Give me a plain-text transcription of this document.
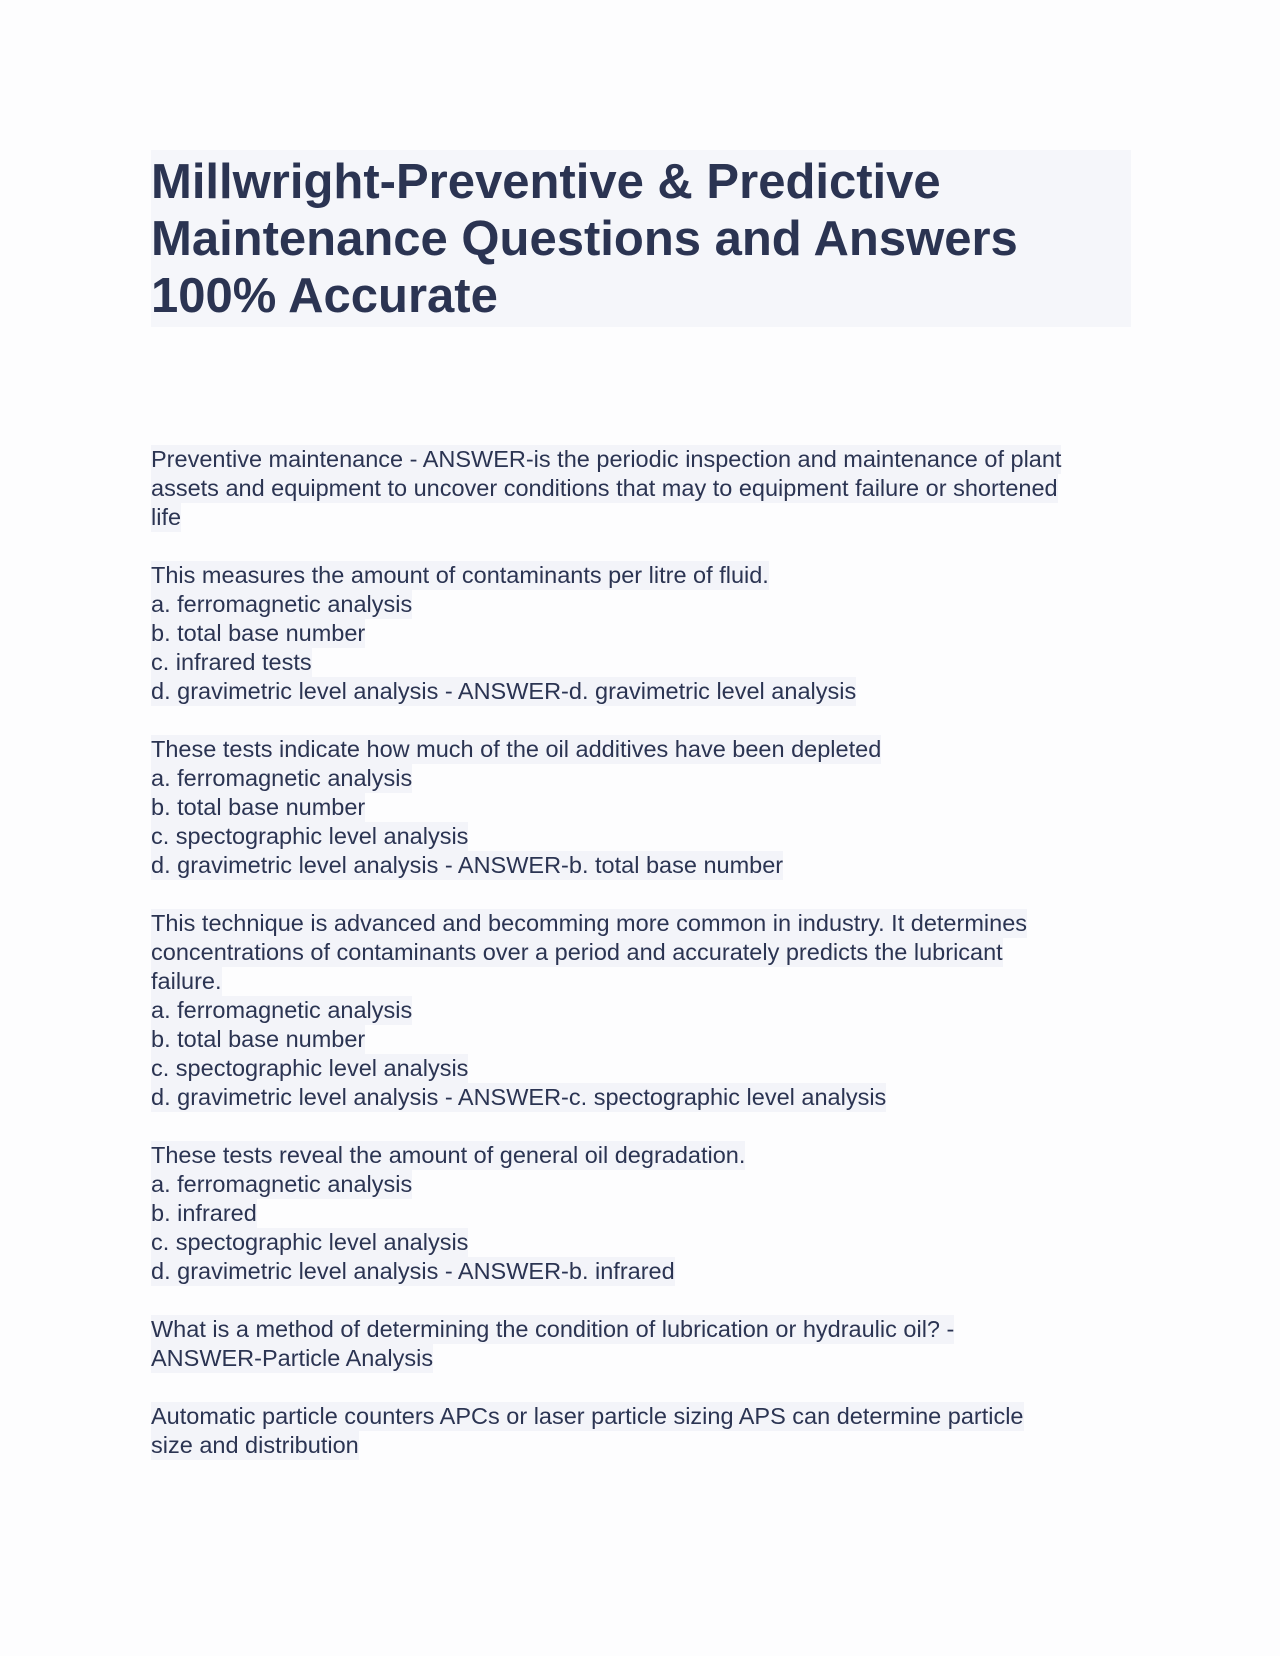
Millwright-Preventive & Predictive
Maintenance Questions and Answers
100% Accurate
Preventive maintenance - ANSWER-is the periodic inspection and maintenance of plant
assets and equipment to uncover conditions that may to equipment failure or shortened
life
This measures the amount of contaminants per litre of fluid.
a. ferromagnetic analysis
b. total base number
c. infrared tests
d. gravimetric level analysis - ANSWER-d. gravimetric level analysis
These tests indicate how much of the oil additives have been depleted
a. ferromagnetic analysis
b. total base number
c. spectographic level analysis
d. gravimetric level analysis - ANSWER-b. total base number
This technique is advanced and becomming more common in industry. It determines
concentrations of contaminants over a period and accurately predicts the lubricant
failure.
a. ferromagnetic analysis
b. total base number
c. spectographic level analysis
d. gravimetric level analysis - ANSWER-c. spectographic level analysis
These tests reveal the amount of general oil degradation.
a. ferromagnetic analysis
b. infrared
c. spectographic level analysis
d. gravimetric level analysis - ANSWER-b. infrared
What is a method of determining the condition of lubrication or hydraulic oil? -
ANSWER-Particle Analysis
Automatic particle counters APCs or laser particle sizing APS can determine particle
size and distribution
